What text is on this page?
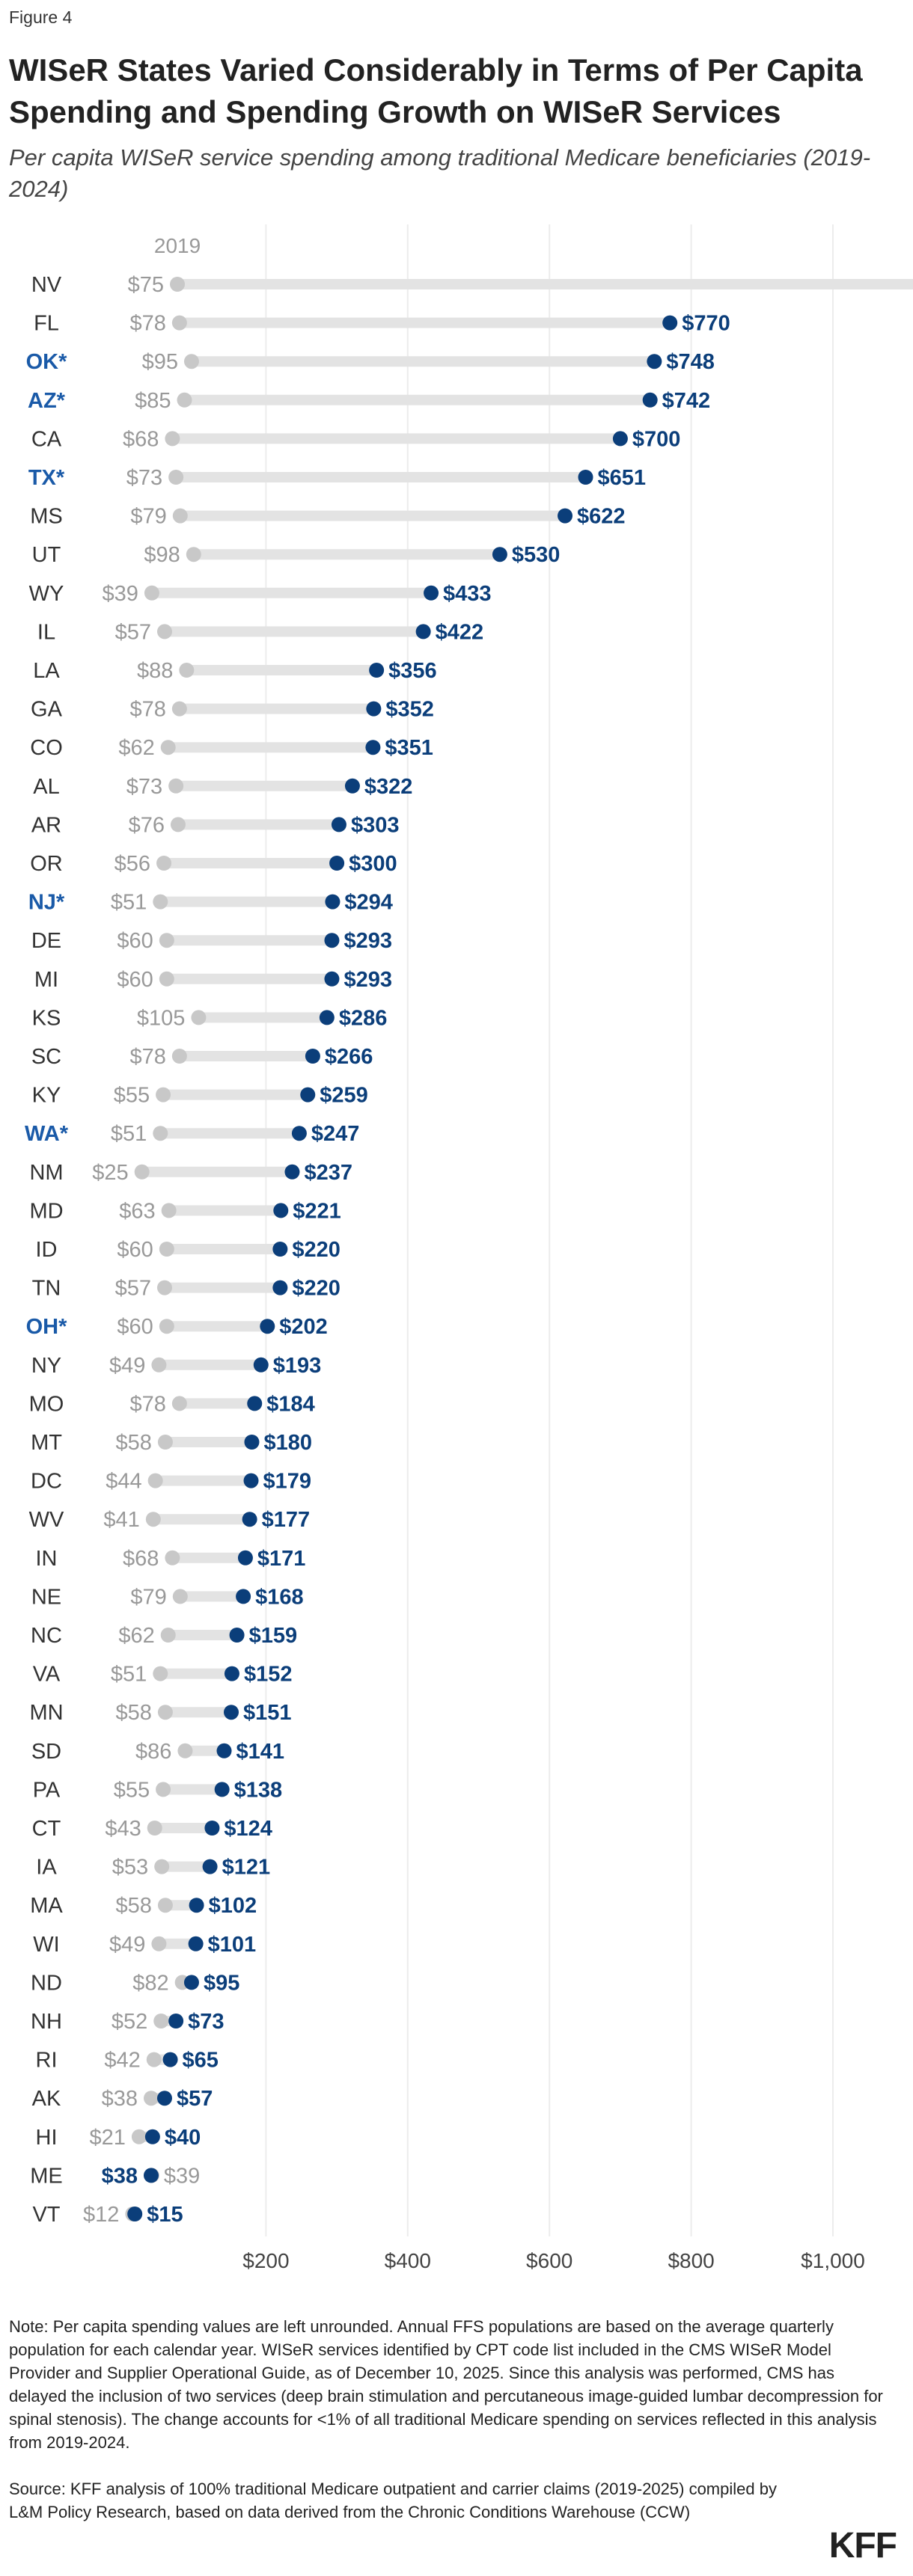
Figure 4
WISeR States Varied Considerably in Terms of Per Capita Spending and Spending Growth on WISeR Services
Per capita WISeR service spending among traditional Medicare beneficiaries (2019-2024)
$200	$400	$600	$800	$1,000
2019
NV	$75
FL	$78	$770
OK*	$95	$748
AZ*	$85	$742
CA	$68	$700
TX*	$73	$651
MS	$79	$622
UT	$98	$530
WY $39	$433
IL	$57	$422
LA	$88	$356
GA	$78	$352
CO	$62	$351
AL	$73	$322
AR	$76	$303
OR $56	$300
NJ* $51	$294
DE	$60	$293
MI	$60	$293
KS	$105	$286
SC	$78	$266
KY $55	$259
WA* $51	$247
NM $25	$237
MD	$63	$221
ID	$60	$220
TN $57	$220
OH* $60	$202
NY $49	$193
MO	$78	$184
MT $58	$180
DC $44	$179
WV $41	$177
IN	$68	$171
NE	$79	$168
NC	$62	$159
VA $51	$152
MN $58	$151
SD	$86	$141
PA $55	$138
CT $43	$124
IA	$53	$121
MA $58	$102
WI $49	$101
ND	$82 $95
NH $52 $73
RI $42 $65
AK $38 $57
HI $21 $40
ME $38 $39
VT $12 $15
Note: Per capita spending values are left unrounded. Annual FFS populations are based on the average quarterly population for each calendar year. WISeR services identified by CPT code list included in the CMS WISeR Model Provider and Supplier Operational Guide, as of December 10, 2025. Since this analysis was performed, CMS has delayed the inclusion of two services (deep brain stimulation and percutaneous image-guided lumbar decompression for spinal stenosis). The change accounts for <1% of all traditional Medicare spending on services reflected in this analysis from 2019-2024.
Source: KFF analysis of 100% traditional Medicare outpatient and carrier claims (2019-2025) compiled by L&M Policy Research, based on data derived from the Chronic Conditions Warehouse (CCW)
KFF
